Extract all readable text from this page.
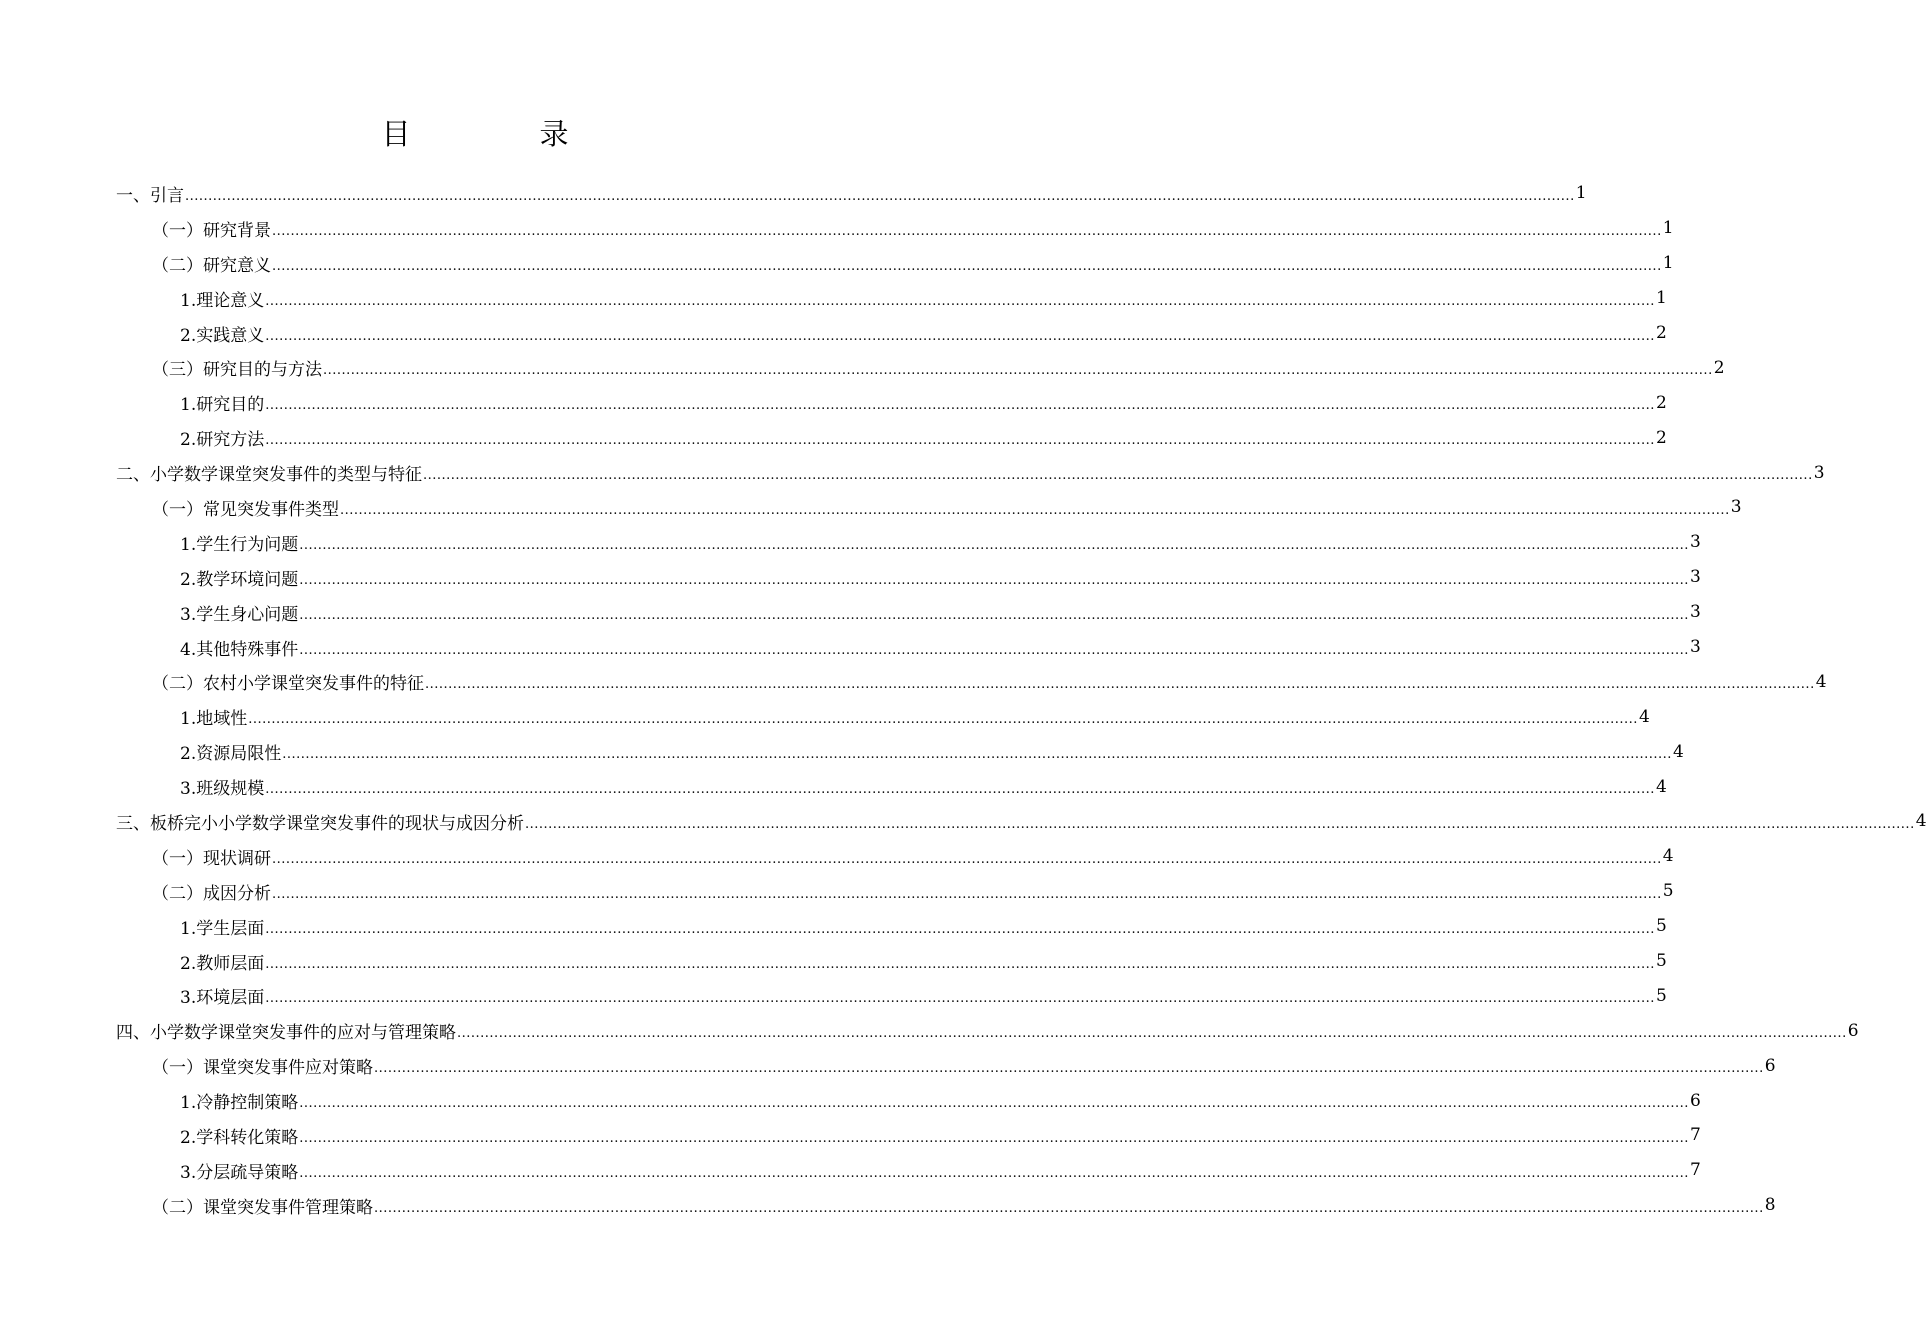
目　录
一、引言 ............................................................................................................................................................................................................................................................................................................ 1
（一）研究背景 ............................................................................................................................................................................................................................................................................................................ 1
（二）研究意义 ............................................................................................................................................................................................................................................................................................................ 1
1.理论意义 ............................................................................................................................................................................................................................................................................................................ 1
2.实践意义 ............................................................................................................................................................................................................................................................................................................ 2
（三）研究目的与方法 ............................................................................................................................................................................................................................................................................................................ 2
1.研究目的 ............................................................................................................................................................................................................................................................................................................ 2
2.研究方法 ............................................................................................................................................................................................................................................................................................................ 2
二、小学数学课堂突发事件的类型与特征 ............................................................................................................................................................................................................................................................................................................ 3
（一）常见突发事件类型 ............................................................................................................................................................................................................................................................................................................ 3
1.学生行为问题 ............................................................................................................................................................................................................................................................................................................ 3
2.教学环境问题 ............................................................................................................................................................................................................................................................................................................ 3
3.学生身心问题 ............................................................................................................................................................................................................................................................................................................ 3
4.其他特殊事件 ............................................................................................................................................................................................................................................................................................................ 3
（二）农村小学课堂突发事件的特征 ............................................................................................................................................................................................................................................................................................................ 4
1.地域性 ............................................................................................................................................................................................................................................................................................................ 4
2.资源局限性 ............................................................................................................................................................................................................................................................................................................ 4
3.班级规模 ............................................................................................................................................................................................................................................................................................................ 4
三、板桥完小小学数学课堂突发事件的现状与成因分析 ............................................................................................................................................................................................................................................................................................................ 4
（一）现状调研 ............................................................................................................................................................................................................................................................................................................ 4
（二）成因分析 ............................................................................................................................................................................................................................................................................................................ 5
1.学生层面 ............................................................................................................................................................................................................................................................................................................ 5
2.教师层面 ............................................................................................................................................................................................................................................................................................................ 5
3.环境层面 ............................................................................................................................................................................................................................................................................................................ 5
四、小学数学课堂突发事件的应对与管理策略 ............................................................................................................................................................................................................................................................................................................ 6
（一）课堂突发事件应对策略 ............................................................................................................................................................................................................................................................................................................ 6
1.冷静控制策略 ............................................................................................................................................................................................................................................................................................................ 6
2.学科转化策略 ............................................................................................................................................................................................................................................................................................................ 7
3.分层疏导策略 ............................................................................................................................................................................................................................................................................................................ 7
（二）课堂突发事件管理策略 ............................................................................................................................................................................................................................................................................................................ 8
